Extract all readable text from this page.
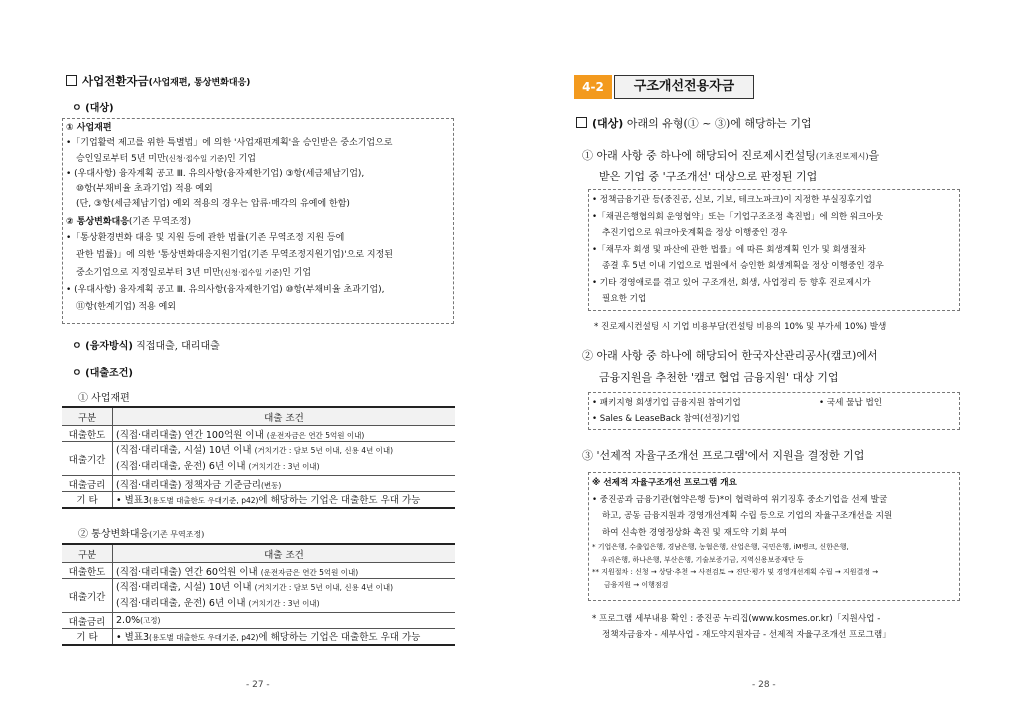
사업전환자금(사업재편, 통상변화대응)
ㅇ (대상)
① 사업재편
•「기업활력 제고를 위한 특별법」에 의한 '사업재편계획'을 승인받은 중소기업으로
승인일로부터 5년 미만(신청·접수일 기준)인 기업
• (우대사항) 융자계획 공고 Ⅲ. 유의사항(융자제한기업) ③항(세금체납기업),
⑩항(부채비율 초과기업) 적용 예외
(단, ③항(세금체납기업) 예외 적용의 경우는 압류·매각의 유예에 한함)
② 통상변화대응(기존 무역조정)
•「통상환경변화 대응 및 지원 등에 관한 법률(기존 무역조정 지원 등에
관한 법률)」에 의한 '통상변화대응지원기업(기존 무역조정지원기업)'으로 지정된
중소기업으로 지정일로부터 3년 미만(신청·접수일 기준)인 기업
• (우대사항) 융자계획 공고 Ⅲ. 유의사항(융자제한기업) ⑩항(부채비율 초과기업),
⑪항(한계기업) 적용 예외
ㅇ (융자방식) 직접대출, 대리대출
ㅇ (대출조건)
① 사업재편
구분	대출 조건
대출한도	(직접·대리대출) 연간 100억원 이내 (운전자금은 연간 5억원 이내)
대출기간	(직접·대리대출, 시설) 10년 이내 (거치기간 : 담보 5년 이내, 신용 4년 이내)
(직접·대리대출, 운전) 6년 이내 (거치기간 : 3년 이내)
대출금리	(직접·대리대출) 정책자금 기준금리(변동)
기 타	• 별표3(용도별 대출한도 우대기준, p42)에 해당하는 기업은 대출한도 우대 가능
② 통상변화대응(기존 무역조정)
구분	대출 조건
대출한도	(직접·대리대출) 연간 60억원 이내 (운전자금은 연간 5억원 이내)
대출기간	(직접·대리대출, 시설) 10년 이내 (거치기간 : 담보 5년 이내, 신용 4년 이내)
(직접·대리대출, 운전) 6년 이내 (거치기간 : 3년 이내)
대출금리	2.0%(고정)
기 타	• 별표3(용도별 대출한도 우대기준, p42)에 해당하는 기업은 대출한도 우대 가능
- 27 -
4-2	구조개선전용자금
(대상) 아래의 유형(① ~ ③)에 해당하는 기업
① 아래 사항 중 하나에 해당되어 진로제시컨설팅(기초진로제시)을
받은 기업 중 '구조개선' 대상으로 판정된 기업
• 정책금융기관 등(중진공, 신보, 기보, 테크노파크)이 지정한 부실징후기업
•「채권은행협의회 운영협약」또는「기업구조조정 촉진법」에 의한 워크아웃
추진기업으로 워크아웃계획을 정상 이행중인 경우
•「채무자 회생 및 파산에 관한 법률」에 따른 회생계획 인가 및 회생절차
종결 후 5년 이내 기업으로 법원에서 승인한 회생계획을 정상 이행중인 경우
• 기타 경영애로를 겪고 있어 구조개선, 회생, 사업정리 등 향후 진로제시가
필요한 기업
* 진로제시컨설팅 시 기업 비용부담(컨설팅 비용의 10% 및 부가세 10%) 발생
② 아래 사항 중 하나에 해당되어 한국자산관리공사(캠코)에서
금융지원을 추천한 '캠코 협업 금융지원' 대상 기업
• 패키지형 회생기업 금융지원 참여기업	• 국세 물납 법인
• Sales & LeaseBack 참여(선정)기업
③ '선제적 자율구조개선 프로그램'에서 지원을 결정한 기업
※ 선제적 자율구조개선 프로그램 개요
• 중진공과 금융기관(협약은행 등)*이 협력하여 위기징후 중소기업을 선제 발굴
하고, 공동 금융지원과 경영개선계획 수립 등으로 기업의 자율구조개선을 지원
하여 신속한 경영정상화 촉진 및 재도약 기회 부여
* 기업은행, 수출입은행, 경남은행, 농협은행, 산업은행, 국민은행, iM뱅크, 신한은행,
우리은행, 하나은행, 부산은행, 기술보증기금, 지역신용보증재단 등
** 지원절차 : 신청 → 상담·추천 → 사전검토 → 진단·평가 및 경영개선계획 수립 → 지원결정 →
금융지원 → 이행점검
* 프로그램 세부내용 확인 : 중진공 누리집(www.kosmes.or.kr)「지원사업 -
정책자금융자 - 세부사업 - 재도약지원자금 - 선제적 자율구조개선 프로그램」
- 28 -
